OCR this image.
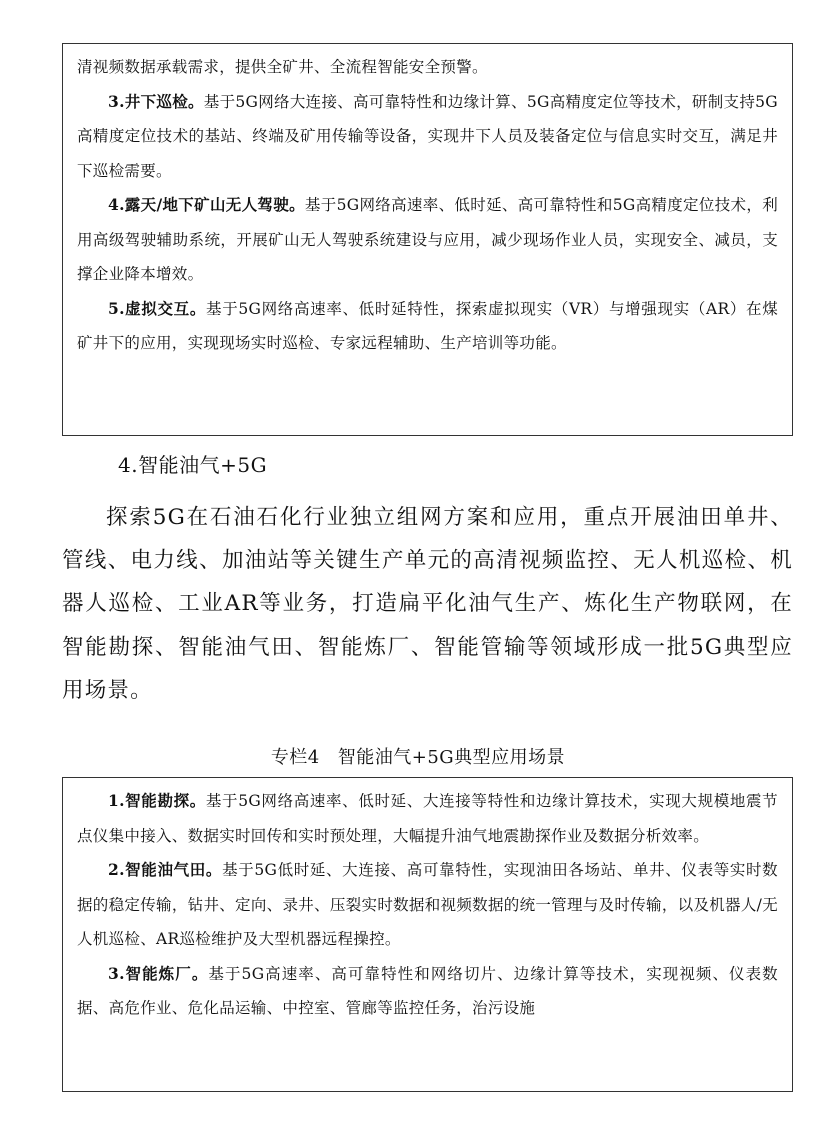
清视频数据承载需求，提供全矿井、全流程智能安全预警。

3.井下巡检。基于5G网络大连接、高可靠特性和边缘计算、5G高精度定位等技术，研制支持5G高精度定位技术的基站、终端及矿用传输等设备，实现井下人员及装备定位与信息实时交互，满足井下巡检需要。

4.露天/地下矿山无人驾驶。基于5G网络高速率、低时延、高可靠特性和5G高精度定位技术，利用高级驾驶辅助系统，开展矿山无人驾驶系统建设与应用，减少现场作业人员，实现安全、减员，支撑企业降本增效。

5.虚拟交互。基于5G网络高速率、低时延特性，探索虚拟现实（VR）与增强现实（AR）在煤矿井下的应用，实现现场实时巡检、专家远程辅助、生产培训等功能。

4.智能油气+5G

探索5G在石油石化行业独立组网方案和应用，重点开展油田单井、管线、电力线、加油站等关键生产单元的高清视频监控、无人机巡检、机器人巡检、工业AR等业务，打造扁平化油气生产、炼化生产物联网，在智能勘探、智能油气田、智能炼厂、智能管输等领域形成一批5G典型应用场景。

专栏4 智能油气+5G典型应用场景

1.智能勘探。基于5G网络高速率、低时延、大连接等特性和边缘计算技术，实现大规模地震节点仪集中接入、数据实时回传和实时预处理，大幅提升油气地震勘探作业及数据分析效率。

2.智能油气田。基于5G低时延、大连接、高可靠特性，实现油田各场站、单井、仪表等实时数据的稳定传输，钻井、定向、录井、压裂实时数据和视频数据的统一管理与及时传输，以及机器人/无人机巡检、AR巡检维护及大型机器远程操控。

3.智能炼厂。基于5G高速率、高可靠特性和网络切片、边缘计算等技术，实现视频、仪表数据、高危作业、危化品运输、中控室、管廊等监控任务，治污设施
